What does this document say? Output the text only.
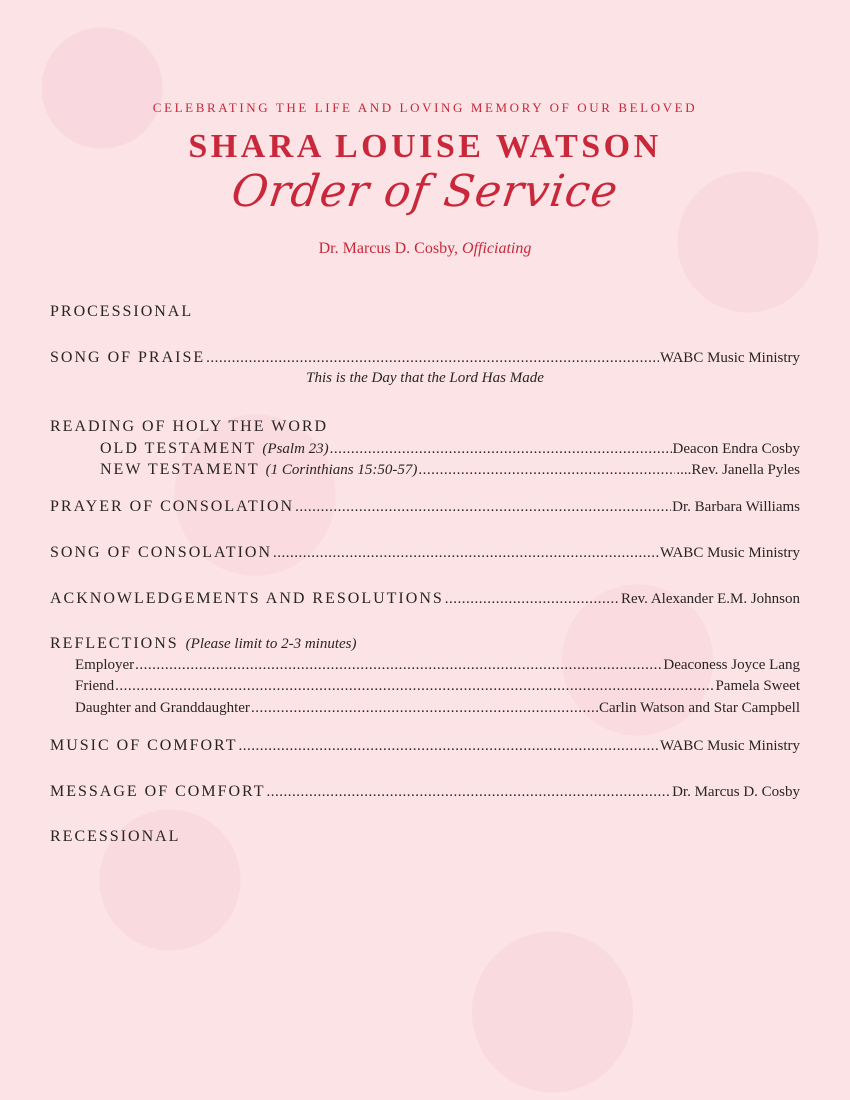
CELEBRATING THE LIFE AND LOVING MEMORY OF OUR BELOVED
SHARA LOUISE WATSON
Order of Service
Dr. Marcus D. Cosby, Officiating
PROCESSIONAL
SONG OF PRAISE .....	WABC Music Ministry
This is the Day that the Lord Has Made
READING OF HOLY THE WORD
OLD TESTAMENT (Psalm 23) .....	Deacon Endra Cosby
NEW TESTAMENT (1 Corinthians 15:50-57) .....	....Rev. Janella Pyles
PRAYER OF CONSOLATION .....	Dr. Barbara Williams
SONG OF CONSOLATION .....	WABC Music Ministry
ACKNOWLEDGEMENTS AND RESOLUTIONS .....	Rev. Alexander E.M. Johnson
REFLECTIONS (Please limit to 2-3 minutes)
Employer .....	Deaconess Joyce Lang
Friend .....	Pamela Sweet
Daughter and Granddaughter .....	Carlin Watson and Star Campbell
MUSIC OF COMFORT .....	WABC Music Ministry
MESSAGE OF COMFORT .....	Dr. Marcus D. Cosby
RECESSIONAL
